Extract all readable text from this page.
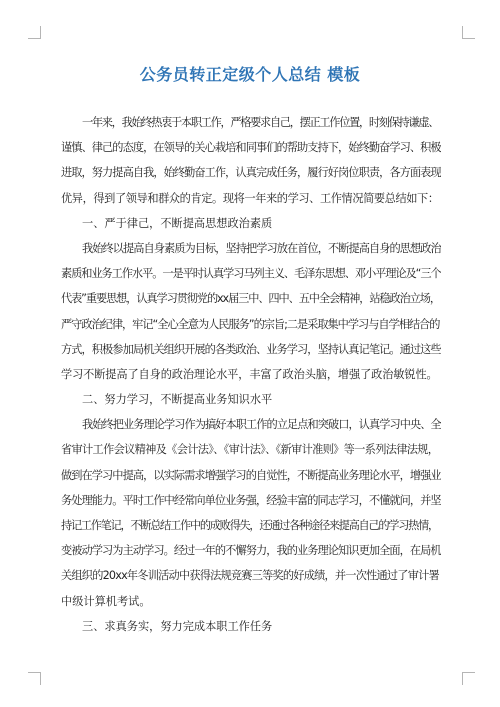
公务员转正定级个人总结 模板
一年来，我始终热衷于本职工作，严格要求自己，摆正工作位置，时刻保持谦虚、
谨慎、律己的态度，在领导的关心栽培和同事们的帮助支持下，始终勤奋学习、积极
进取，努力提高自我，始终勤奋工作，认真完成任务，履行好岗位职责，各方面表现
优异，得到了领导和群众的肯定。现将一年来的学习、工作情况简要总结如下：
一、严于律己，不断提高思想政治素质
我始终以提高自身素质为目标，坚持把学习放在首位，不断提高自身的思想政治
素质和业务工作水平。一是平时认真学习马列主义、毛泽东思想、邓小平理论及“三个
代表”重要思想，认真学习贯彻党的xx届三中、四中、五中全会精神，站稳政治立场，
严守政治纪律，牢记“全心全意为人民服务”的宗旨;二是采取集中学习与自学相结合的
方式，积极参加局机关组织开展的各类政治、业务学习，坚持认真记笔记。通过这些
学习不断提高了自身的政治理论水平，丰富了政治头脑，增强了政治敏锐性。
二、努力学习，不断提高业务知识水平
我始终把业务理论学习作为搞好本职工作的立足点和突破口，认真学习中央、全
省审计工作会议精神及《会计法》、《审计法》、《新审计准则》等一系列法律法规，
做到在学习中提高，以实际需求增强学习的自觉性，不断提高业务理论水平，增强业
务处理能力。平时工作中经常向单位业务强，经验丰富的同志学习，不懂就问，并坚
持记工作笔记，不断总结工作中的成败得失，还通过各种途径来提高自己的学习热情，
变被动学习为主动学习。经过一年的不懈努力，我的业务理论知识更加全面，在局机
关组织的20xx年冬训活动中获得法规竞赛三等奖的好成绩，并一次性通过了审计署
中级计算机考试。
三、求真务实，努力完成本职工作任务
